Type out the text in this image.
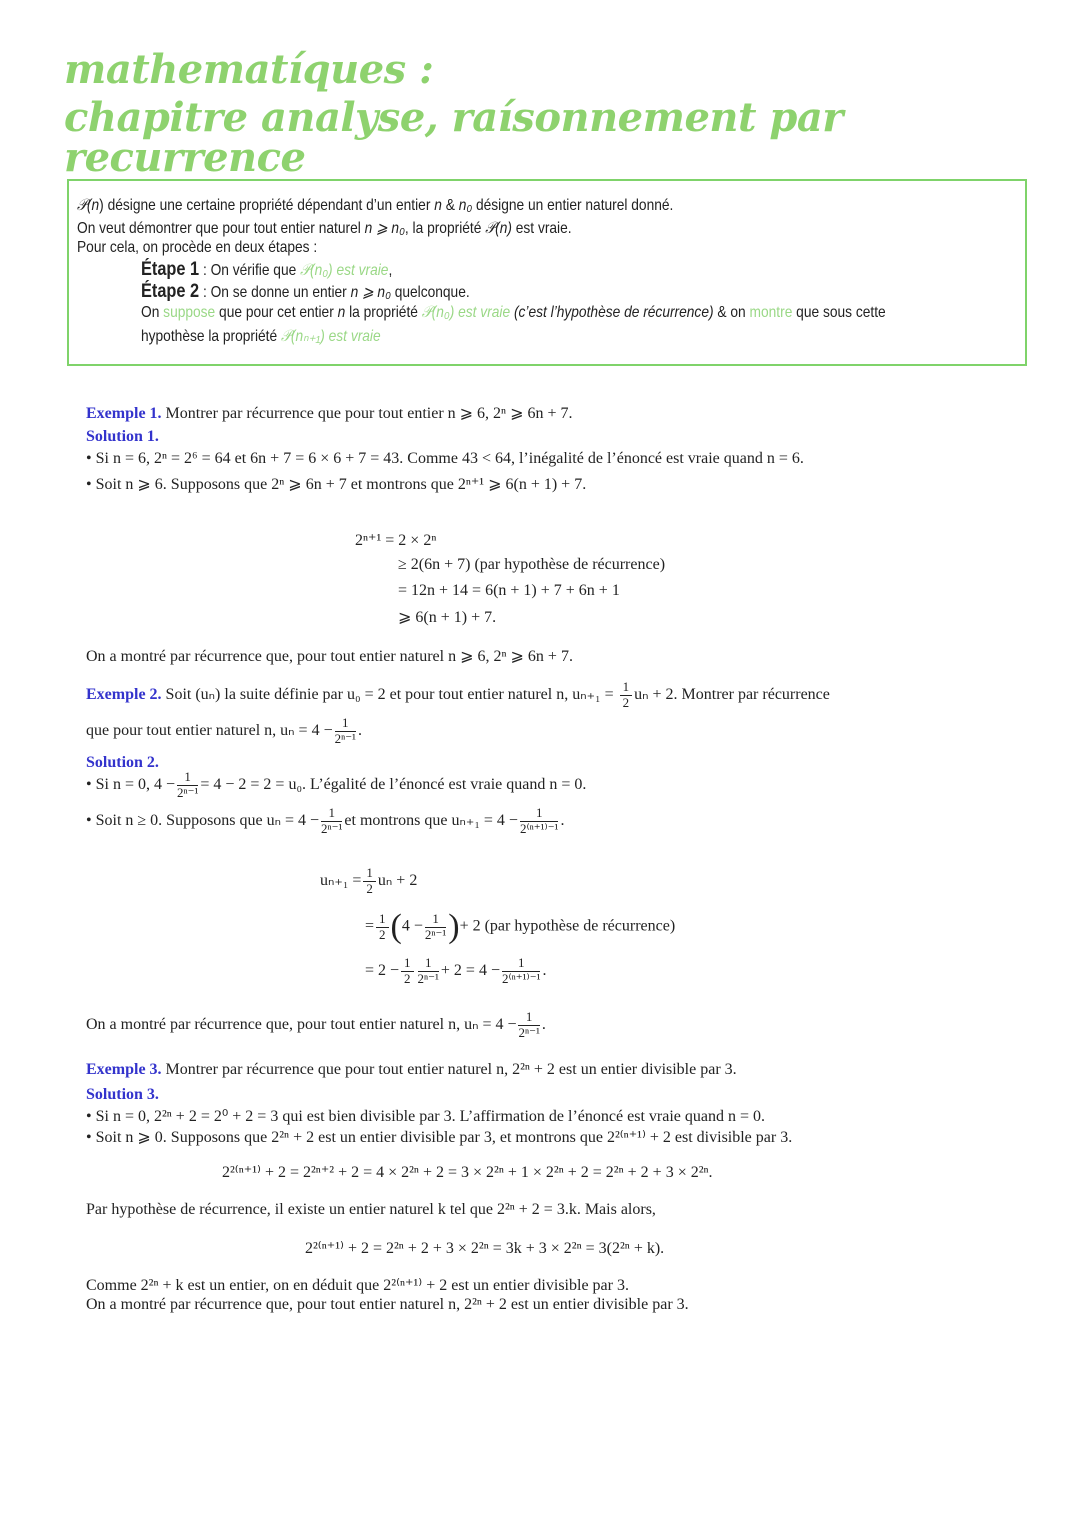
mathematíques :
chapitre analyse, raísonnement par recurrence
𝒫(n) désigne une certaine propriété dépendant d’un entier n & n₀ désigne un entier naturel donné.
On veut démontrer que pour tout entier naturel n ⩾ n₀, la propriété 𝒫(n) est vraie.
Pour cela, on procède en deux étapes :
Étape 1 : On vérifie que 𝒫(n₀) est vraie,
Étape 2 : On se donne un entier n ⩾ n₀ quelconque.
On suppose que pour cet entier n la propriété 𝒫(n₀) est vraie (c’est l’hypothèse de récurrence) & on montre que sous cette
hypothèse la propriété 𝒫(nₙ₊₁) est vraie
Exemple 1. Montrer par récurrence que pour tout entier n ⩾ 6, 2ⁿ ⩾ 6n + 7.
Solution 1.
• Si n = 6, 2ⁿ = 2⁶ = 64 et 6n + 7 = 6 × 6 + 7 = 43. Comme 43 < 64, l’inégalité de l’énoncé est vraie quand n = 6.
• Soit n ⩾ 6. Supposons que 2ⁿ ⩾ 6n + 7 et montrons que 2ⁿ⁺¹ ⩾ 6(n + 1) + 7.
2ⁿ⁺¹ = 2 × 2ⁿ
≥ 2(6n + 7) (par hypothèse de récurrence)
= 12n + 14 = 6(n + 1) + 7 + 6n + 1
⩾ 6(n + 1) + 7.
On a montré par récurrence que, pour tout entier naturel n ⩾ 6, 2ⁿ ⩾ 6n + 7.
Exemple 2. Soit (uₙ) la suite définie par u₀ = 2 et pour tout entier naturel n, $u_{n+1} = \frac{1}{2}$ uₙ + 2. Montrer par récurrence
que pour tout entier naturel n, $u_n = 4 - \frac{1}{\text{2ⁿ⁻¹}}$ .
Solution 2.
• Si n = 0, $4 - \frac{1}{\text{2ⁿ⁻¹}} = 4 - 2 = 2 = u_0$. L’égalité de l’énoncé est vraie quand n = 0.
• Soit n ≥ 0. Supposons que $u_n = 4 - \frac{1}{\text{2ⁿ⁻¹}}$ et montrons que $u_{n+1} = 4 - \frac{1}{\text{2⁽ⁿ⁺¹⁾⁻¹}}$ .
$u_{n+1} = \frac{1}{2}$ uₙ + 2
= $\frac{1}{2} (4 - \frac{1}{\text{2ⁿ⁻¹}}$ )+ 2 (par hypothèse de récurrence)
= $2 - \frac{1}{2} \frac{1}{\text{2ⁿ⁻¹}} + 2 = 4 - \frac{1}{\text{2⁽ⁿ⁺¹⁾⁻¹}}$ .
On a montré par récurrence que, pour tout entier naturel n, $u_n = 4 - \frac{1}{\text{2ⁿ⁻¹}}$ .
Exemple 3. Montrer par récurrence que pour tout entier naturel n, 2²ⁿ + 2 est un entier divisible par 3.
Solution 3.
• Si n = 0, 2²ⁿ + 2 = 2⁰ + 2 = 3 qui est bien divisible par 3. L’affirmation de l’énoncé est vraie quand n = 0.
• Soit n ⩾ 0. Supposons que 2²ⁿ + 2 est un entier divisible par 3, et montrons que 2²⁽ⁿ⁺¹⁾ + 2 est divisible par 3.
2²⁽ⁿ⁺¹⁾ + 2 = 2²ⁿ⁺² + 2 = 4 × 2²ⁿ + 2 = 3 × 2²ⁿ + 1 × 2²ⁿ + 2 = 2²ⁿ + 2 + 3 × 2²ⁿ.
Par hypothèse de récurrence, il existe un entier naturel k tel que 2²ⁿ + 2 = 3.k. Mais alors,
2²⁽ⁿ⁺¹⁾ + 2 = 2²ⁿ + 2 + 3 × 2²ⁿ = 3k + 3 × 2²ⁿ = 3(2²ⁿ + k).
Comme 2²ⁿ + k est un entier, on en déduit que 2²⁽ⁿ⁺¹⁾ + 2 est un entier divisible par 3.
On a montré par récurrence que, pour tout entier naturel n, 2²ⁿ + 2 est un entier divisible par 3.
